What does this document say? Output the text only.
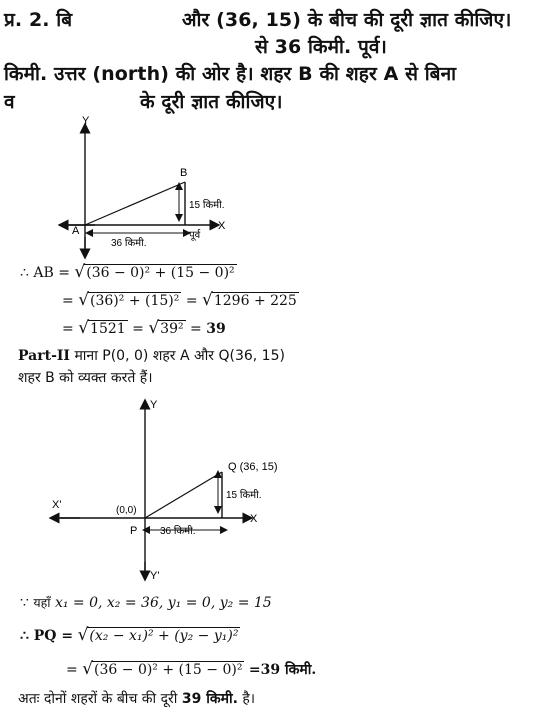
प्र. 2. बि	और (36, 15) के बीच की दूरी ज्ञात कीजिए।
से 36 किमी. पूर्व।
किमी. उत्तर (north) की ओर है। शहर B की शहर A से बिना
व	के दूरी ज्ञात कीजिए।
Y
X
A
B
15 किमी.
36 किमी.
पूर्व
∴ AB = √(36 − 0)² + (15 − 0)²
= √(36)² + (15)² = √1296 + 225
= √1521 = √39² = 39
Part-II माना P(0, 0) शहर A और Q(36, 15)
शहर B को व्यक्त करते हैं।
Y
Y'
X
X'	(0,0)
P
Q (36, 15)
15 किमी.
36 किमी.
∵ यहाँ x₁ = 0, x₂ = 36, y₁ = 0, y₂ = 15
∴ PQ = √(x₂ − x₁)² + (y₂ − y₁)²
= √(36 − 0)² + (15 − 0)² =39 किमी.
अतः दोनों शहरों के बीच की दूरी 39 किमी. है।
